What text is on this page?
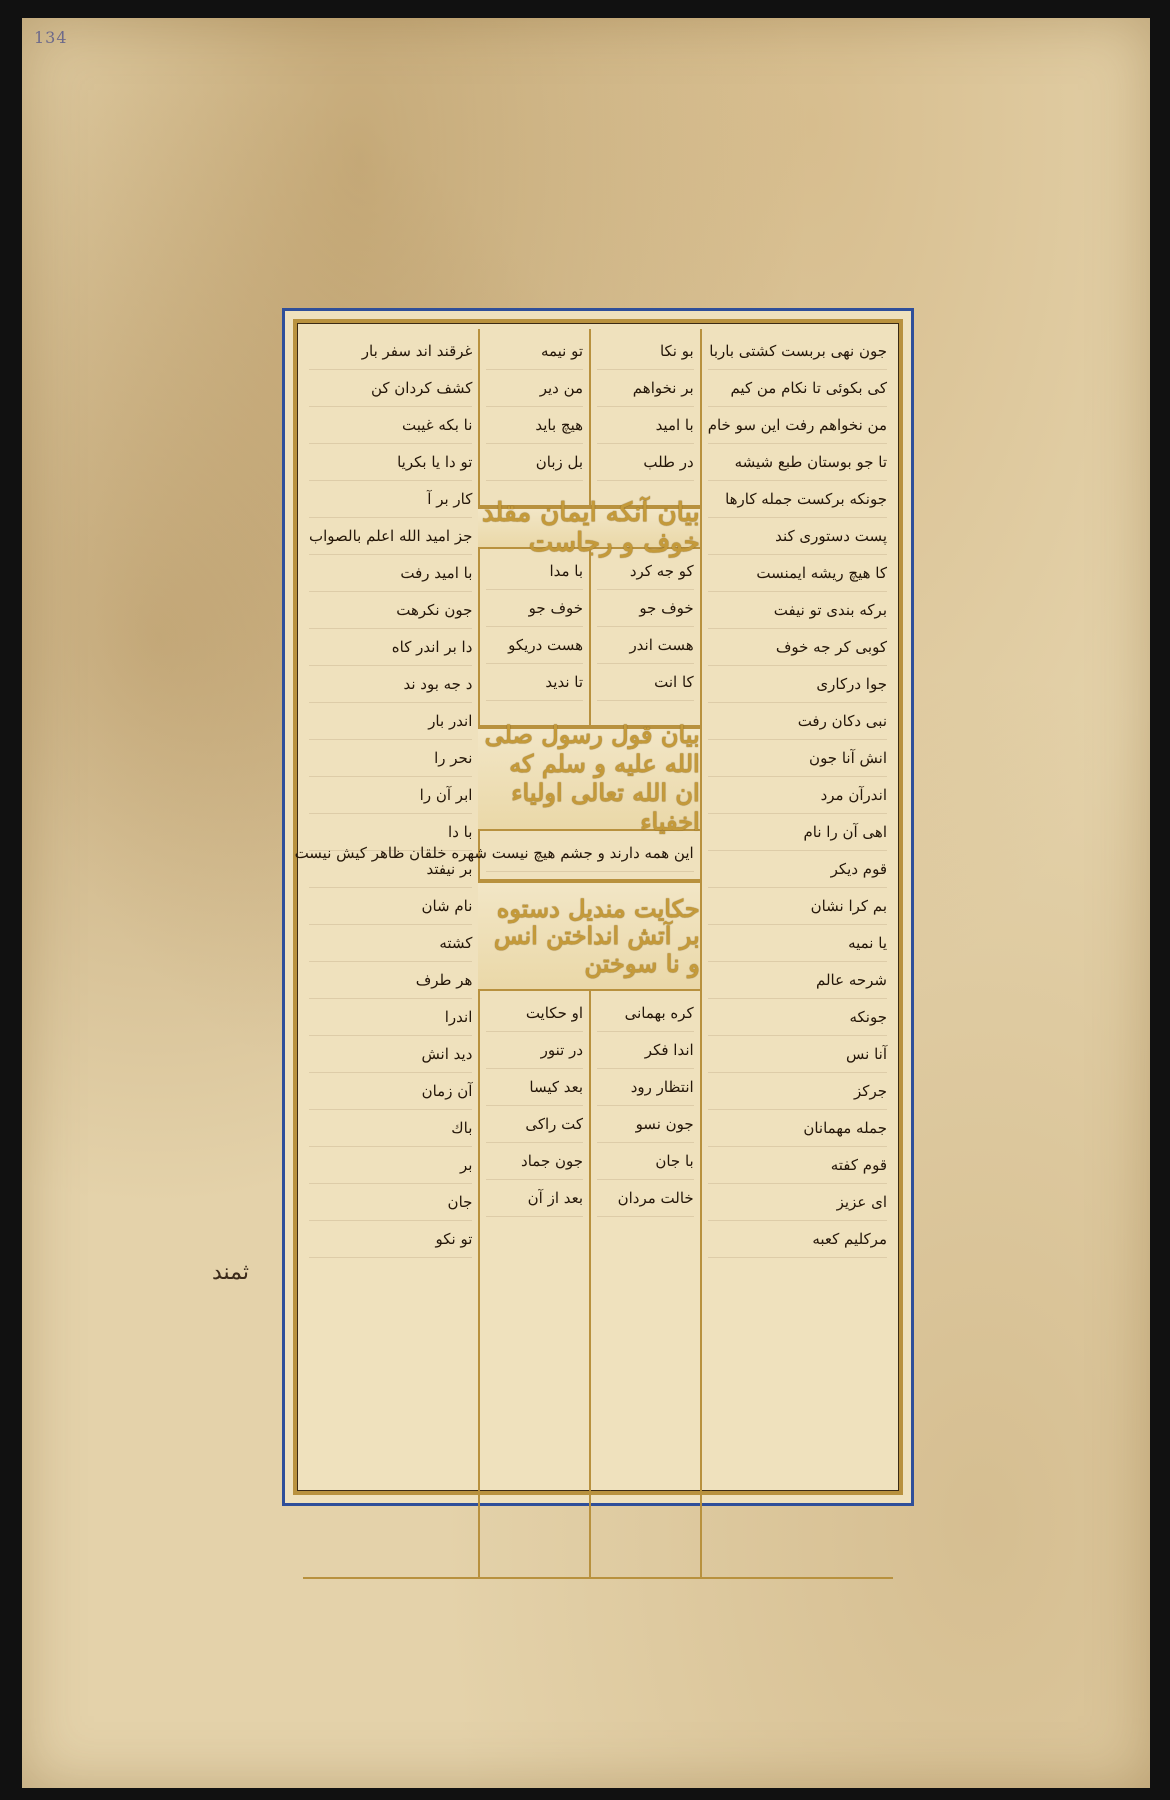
134
ثمند
جون نهی بربست کشتی باربا
کی بکوئی تا نکام من کیم
من نخواهم رفت این سو خام
تا جو بوستان طبع شیشه
جونکه برکست جمله کارها
پست دستوری کند
کا هیچ ریشه ایمنست
برکه بندی تو نیفت
کوبی کر جه خوف
جوا درکاری
نبی دکان رفت
انش آنا جون
اندرآن مرد
اهی آن را نام
قوم دیکر
بم کرا نشان
یا نمیه
شرحه عالم
جونکه
آنا نس
جرکز
جمله مهمانان
قوم کفته
ای عزیز
مرکلیم کعبه
بو نکا
بر نخواهم
با امید
در طلب
تو نیمه
من دیر
هیچ باید
بل زبان
بیان آنکه ایمان مقلد خوف و رجاست
کو جه کرد
خوف جو
هست اندر
کا انت
با مدا
خوف جو
هست دریکو
تا ندید
بیان قول رسول صلی الله علیه و سلم که ان الله تعالی اولیاء اخفیاء
این همه دارند و جشم هیچ نیست شهره خلقان ظاهر کیش نیست
حکایت مندیل دستوه بر آتش انداختن انس و نا سوختن
کره بهمانی
اندا فکر
انتظار رود
جون نسو
با جان
خالت مردان
او حکایت
در تنور
بعد کیسا
کت راکی
جون جماد
بعد از آن
غرقند اند سفر بار
کشف کردان کن
نا بکه غیبت
تو دا یا بکریا
کار بر آ
جز امید الله اعلم بالصواب
با امید رفت
جون نکرهت
دا بر اندر کاه
د جه بود ند
اندر بار
نحر را
ابر آن را
با دا
بر نیفتد
نام شان
کشته
هر طرف
اندرا
دید انش
آن زمان
باك
بر
جان
تو نکو
